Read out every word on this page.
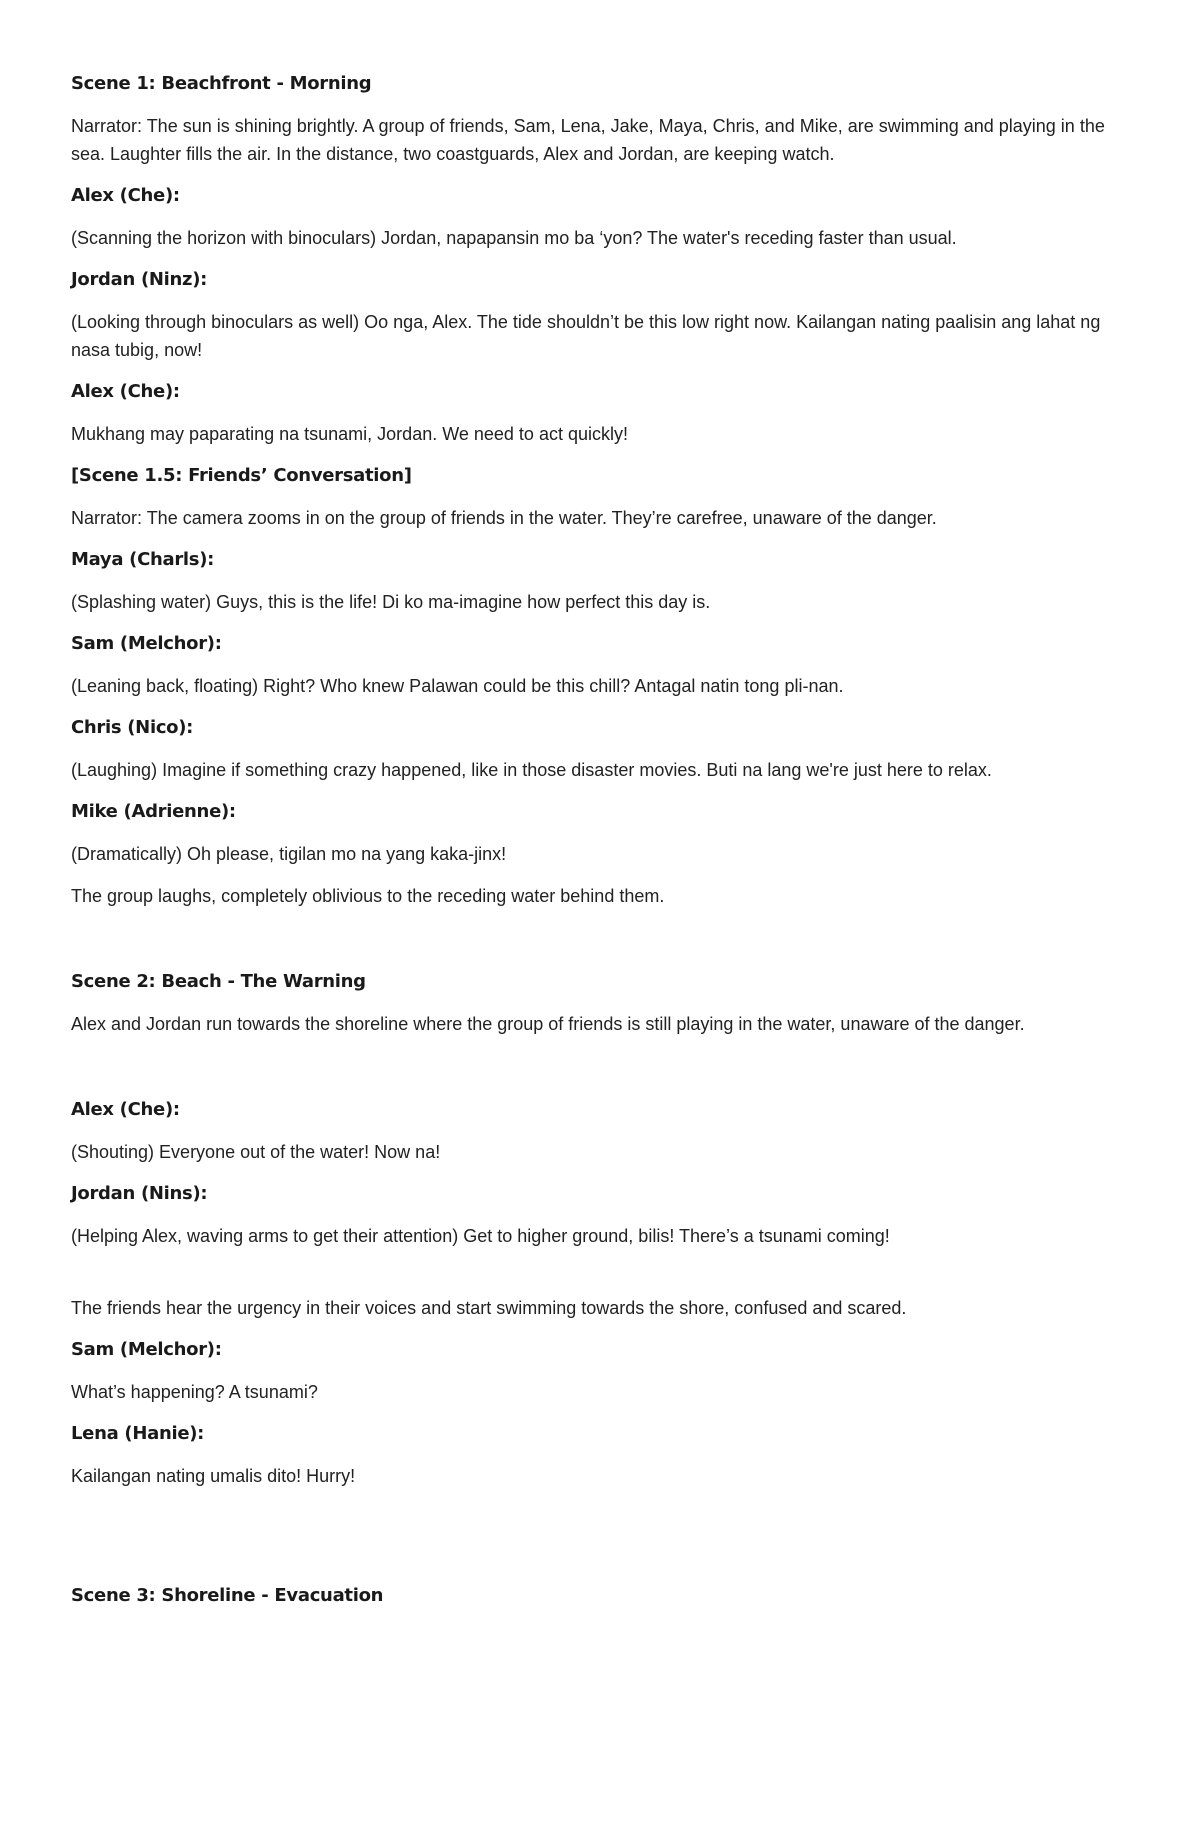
Scene 1: Beachfront - Morning
Narrator: The sun is shining brightly. A group of friends, Sam, Lena, Jake, Maya, Chris, and Mike, are swimming and playing in the sea. Laughter fills the air. In the distance, two coastguards, Alex and Jordan, are keeping watch.
Alex (Che):
(Scanning the horizon with binoculars) Jordan, napapansin mo ba ‘yon? The water's receding faster than usual.
Jordan (Ninz):
(Looking through binoculars as well) Oo nga, Alex. The tide shouldn’t be this low right now. Kailangan nating paalisin ang lahat ng nasa tubig, now!
Alex (Che):
Mukhang may paparating na tsunami, Jordan. We need to act quickly!
[Scene 1.5: Friends’ Conversation]
Narrator: The camera zooms in on the group of friends in the water. They’re carefree, unaware of the danger.
Maya (Charls):
(Splashing water) Guys, this is the life! Di ko ma-imagine how perfect this day is.
Sam (Melchor):
(Leaning back, floating) Right? Who knew Palawan could be this chill? Antagal natin tong pli-nan.
Chris (Nico):
(Laughing) Imagine if something crazy happened, like in those disaster movies. Buti na lang we're just here to relax.
Mike (Adrienne):
(Dramatically) Oh please, tigilan mo na yang kaka-jinx!
The group laughs, completely oblivious to the receding water behind them.
Scene 2: Beach - The Warning
Alex and Jordan run towards the shoreline where the group of friends is still playing in the water, unaware of the danger.
Alex (Che):
(Shouting) Everyone out of the water! Now na!
Jordan (Nins):
(Helping Alex, waving arms to get their attention) Get to higher ground, bilis! There’s a tsunami coming!
The friends hear the urgency in their voices and start swimming towards the shore, confused and scared.
Sam (Melchor):
What’s happening? A tsunami?
Lena (Hanie):
Kailangan nating umalis dito! Hurry!
Scene 3: Shoreline - Evacuation
